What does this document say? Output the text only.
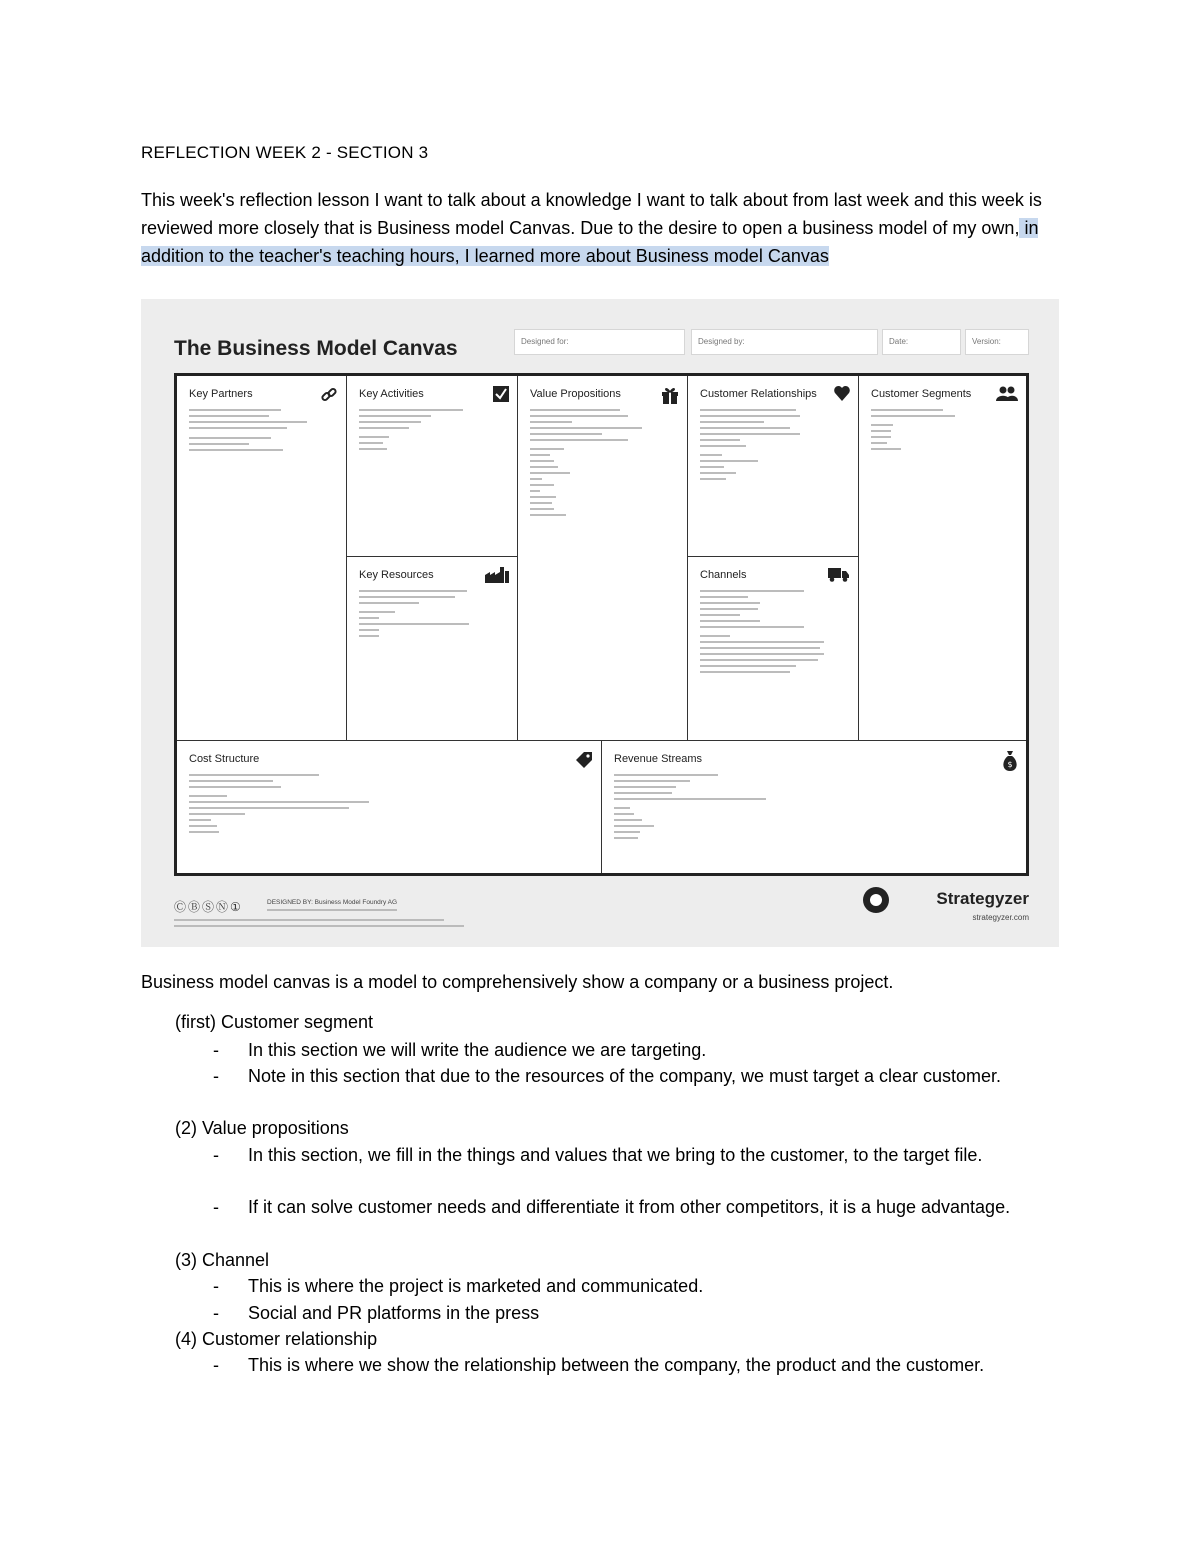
REFLECTION WEEK 2 - SECTION 3
This week's reflection lesson I want to talk about a knowledge I want to talk about from last week and this week is reviewed more closely that is Business model Canvas. Due to the desire to open a business model of my own, in addition to the teacher's teaching hours, I learned more about Business model Canvas
The Business Model Canvas	Designed for:	Designed by:	Date:	Version:
Key Partners	Key Activities
Key Resources
Value Propositions	Customer Relationships
Channels
Customer Segments
Cost Structure	Revenue Streams	$
ⒸⒷⓈⓃ①	DESIGNED BY: Business Model Foundry AG	Strategyzer
strategyzer.com
Business model canvas is a model to comprehensively show a company or a business project.
(first) Customer segment
- In this section we will write the audience we are targeting.
- Note in this section that due to the resources of the company, we must target a clear customer.
(2) Value propositions
- In this section, we fill in the things and values that we bring to the customer, to the target file.
- If it can solve customer needs and differentiate it from other competitors, it is a huge advantage.
(3) Channel
- This is where the project is marketed and communicated.
- Social and PR platforms in the press
(4) Customer relationship
- This is where we show the relationship between the company, the product and the customer.
